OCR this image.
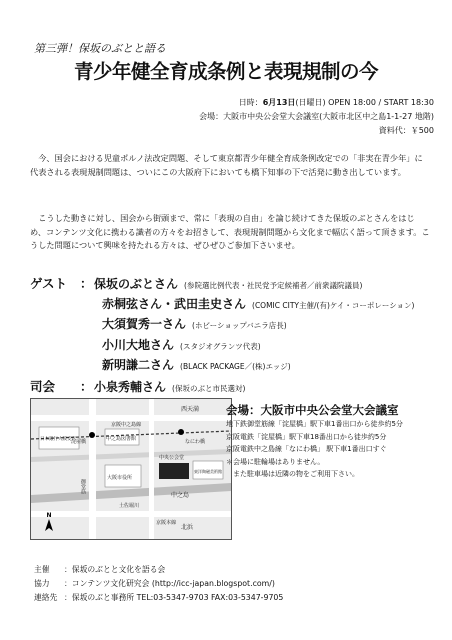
第三弾！保坂のぶとと語る
青少年健全育成条例と表現規制の今
日時：6月13日(日曜日) OPEN 18:00 / START 18:30
会場：大阪市中央公会堂大会議室(大阪市北区中之島1-1-27 地階)
資料代：￥500
今、国会における児童ポルノ法改定問題、そして東京都青少年健全育成条例改定での「非実在青少年」に代表される表現規制問題は、ついにこの大阪府下においても橋下知事の下で活発に動き出しています。
こうした動きに対し、国会から街頭まで、常に「表現の自由」を論じ続けてきた保坂のぶとさんをはじめ、コンテンツ文化に携わる識者の方々をお招きして、表現規制問題から文化まで幅広く語って頂きます。こうした問題について興味を持たれる方々は、ぜひぜひご参加下さいませ。
ゲスト	： 保坂のぶとさん (参院選比例代表・社民党予定候補者／前衆議院議員)
赤桐弦さん・武田圭史さん (COMIC CITY主催/(有)ケイ・コーポレーション)
大須賀秀一さん (ホビーショップバニラ店長)
小川大地さん (スタジオグランツ代表)
新明謙二さん (BLACK PACKAGE／(株)エッジ)
司会	： 小泉秀輔さん (保坂のぶと市民選対)
西天満
京阪中之島線
御堂筋
淀屋橋	なにわ橋
中之島
土佐堀川
北浜
中央公会堂
大阪市役所
中之島図書館
日本銀行大阪支店
東洋陶磁美術館
京阪本線
N
会場：大阪市中央公会堂大会議室
地下鉄御堂筋線「淀屋橋」駅下車1番出口から徒歩約5分
京阪電鉄「淀屋橋」駅下車18番出口から徒歩約5分
京阪電鉄中之島線「なにわ橋」 駅下車1番出口すぐ
＊会場に駐輪場はありません。
　また駐車場は近隣の物をご利用下さい。
主催	：保坂のぶとと文化を語る会
協力	：コンテンツ文化研究会 (http://icc-japan.blogspot.com/)
連絡先 ：保坂のぶと事務所 TEL:03-5347-9703 FAX:03-5347-9705
